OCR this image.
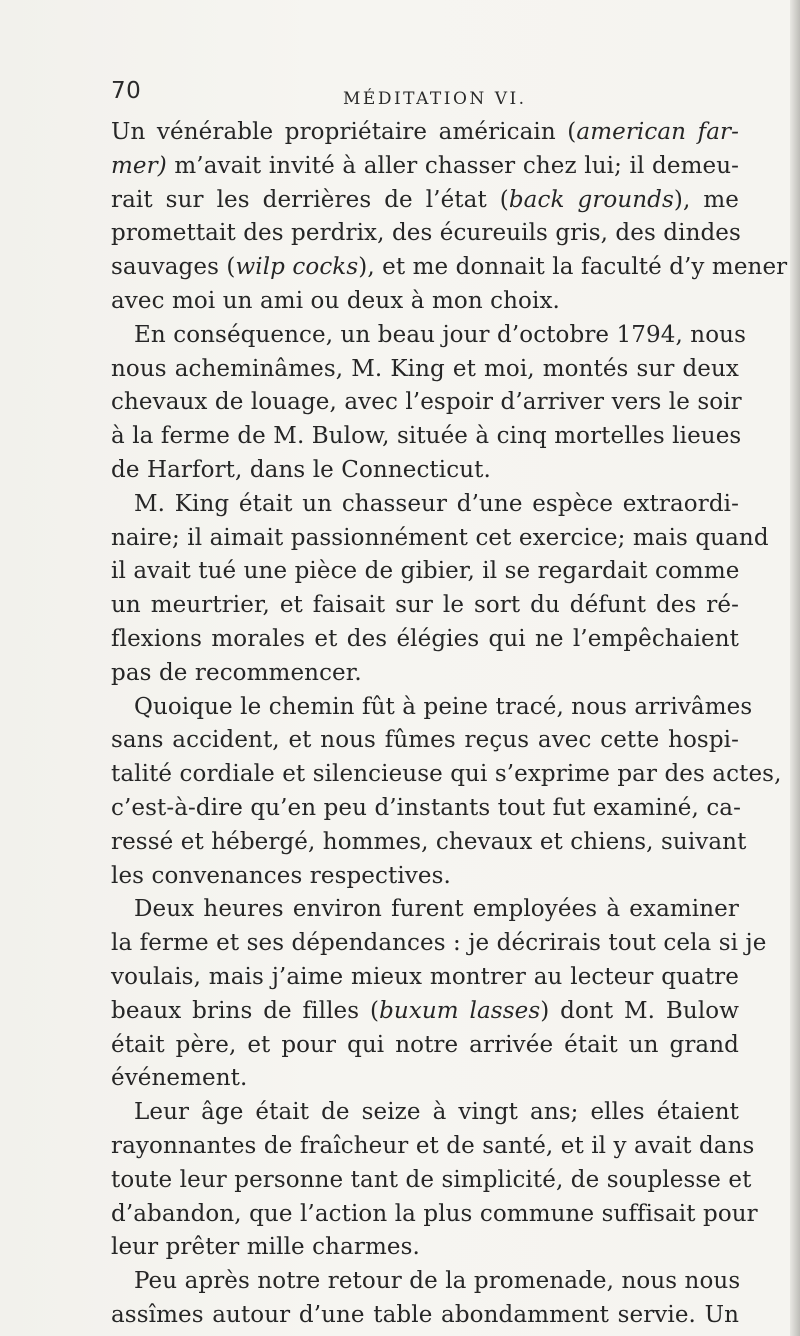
70	MÉDITATION VI.
Un vénérable propriétaire américain (american far-
mer) m’avait invité à aller chasser chez lui; il demeu-
rait sur les derrières de l’état (back grounds), me
promettait des perdrix, des écureuils gris, des dindes
sauvages (wilp cocks), et me donnait la faculté d’y mener
avec moi un ami ou deux à mon choix.
En conséquence, un beau jour d’octobre 1794, nous
nous acheminâmes, M. King et moi, montés sur deux
chevaux de louage, avec l’espoir d’arriver vers le soir
à la ferme de M. Bulow, située à cinq mortelles lieues
de Harfort, dans le Connecticut.
M. King était un chasseur d’une espèce extraordi-
naire; il aimait passionnément cet exercice; mais quand
il avait tué une pièce de gibier, il se regardait comme
un meurtrier, et faisait sur le sort du défunt des ré-
flexions morales et des élégies qui ne l’empêchaient
pas de recommencer.
Quoique le chemin fût à peine tracé, nous arrivâmes
sans accident, et nous fûmes reçus avec cette hospi-
talité cordiale et silencieuse qui s’exprime par des actes,
c’est-à-dire qu’en peu d’instants tout fut examiné, ca-
ressé et hébergé, hommes, chevaux et chiens, suivant
les convenances respectives.
Deux heures environ furent employées à examiner
la ferme et ses dépendances : je décrirais tout cela si je
voulais, mais j’aime mieux montrer au lecteur quatre
beaux brins de filles (buxum lasses) dont M. Bulow
était père, et pour qui notre arrivée était un grand
événement.
Leur âge était de seize à vingt ans; elles étaient
rayonnantes de fraîcheur et de santé, et il y avait dans
toute leur personne tant de simplicité, de souplesse et
d’abandon, que l’action la plus commune suffisait pour
leur prêter mille charmes.
Peu après notre retour de la promenade, nous nous
assîmes autour d’une table abondamment servie. Un
